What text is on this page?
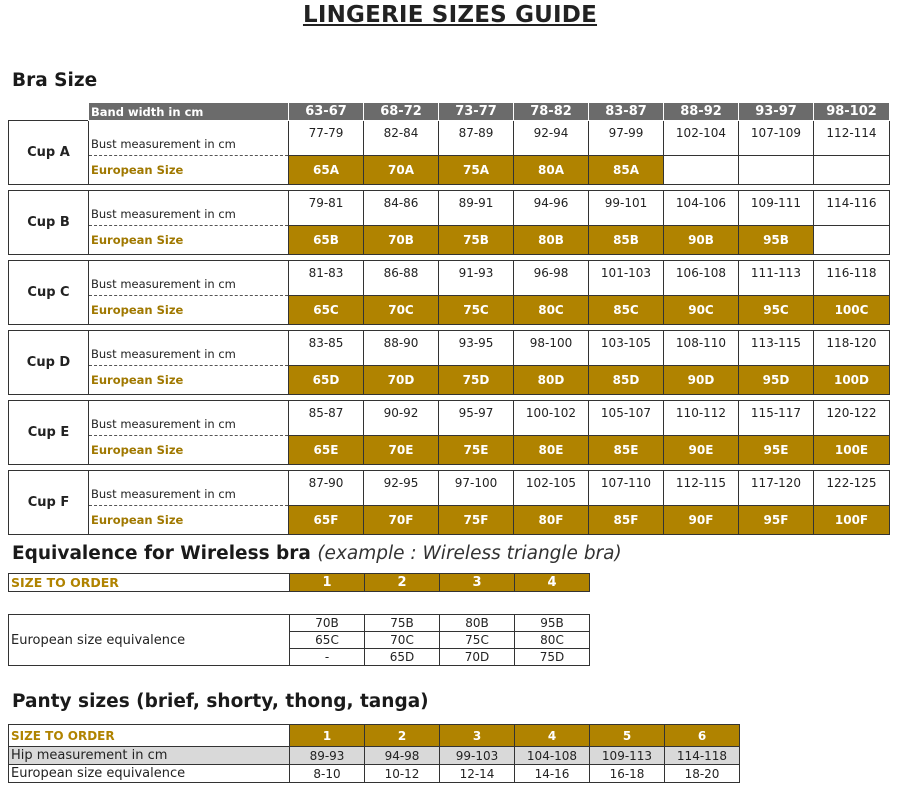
LINGERIE SIZES GUIDE
Bra Size
	Band width in cm	63-67	68-72	73-77	78-82	83-87	88-92	93-97	98-102
Cup A	Bust measurement in cm	77-79	82-84	87-89	92-94	97-99	102-104	107-109	112-114
	European Size	65A	70A	75A	80A	85A			

Cup B	Bust measurement in cm	79-81	84-86	89-91	94-96	99-101	104-106	109-111	114-116
	European Size	65B	70B	75B	80B	85B	90B	95B	

Cup C	Bust measurement in cm	81-83	86-88	91-93	96-98	101-103	106-108	111-113	116-118
	European Size	65C	70C	75C	80C	85C	90C	95C	100C

Cup D	Bust measurement in cm	83-85	88-90	93-95	98-100	103-105	108-110	113-115	118-120
	European Size	65D	70D	75D	80D	85D	90D	95D	100D

Cup E	Bust measurement in cm	85-87	90-92	95-97	100-102	105-107	110-112	115-117	120-122
	European Size	65E	70E	75E	80E	85E	90E	95E	100E

Cup F	Bust measurement in cm	87-90	92-95	97-100	102-105	107-110	112-115	117-120	122-125
	European Size	65F	70F	75F	80F	85F	90F	95F	100F
Equivalence for Wireless bra (example : Wireless triangle bra)
SIZE TO ORDER	1	2	3	4
European size equivalence	70B	75B	80B	95B
	65C	70C	75C	80C
	-	65D	70D	75D
Panty sizes (brief, shorty, thong, tanga)
SIZE TO ORDER	1	2	3	4	5	6
Hip measurement in cm	89-93	94-98	99-103	104-108	109-113	114-118
European size equivalence	8-10	10-12	12-14	14-16	16-18	18-20
